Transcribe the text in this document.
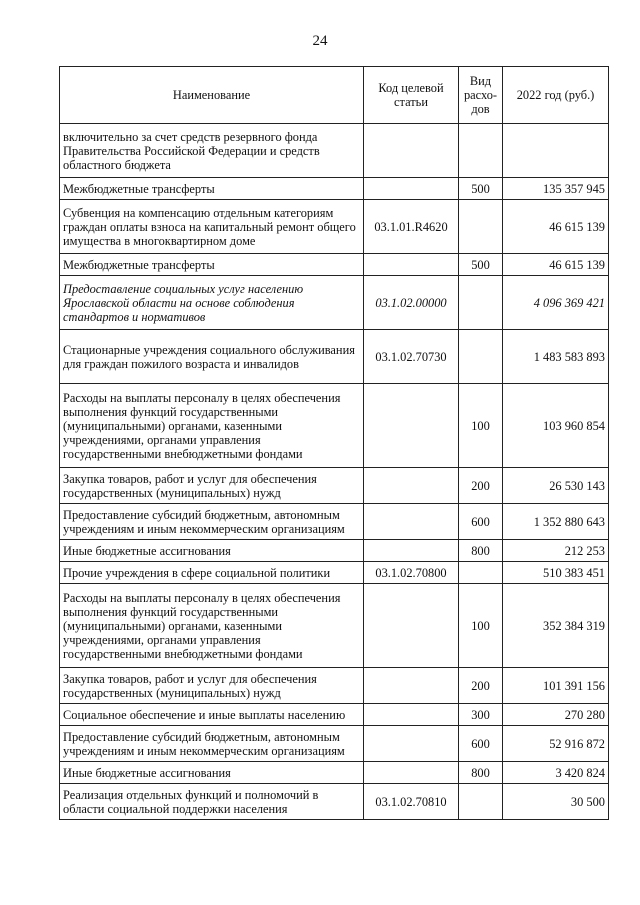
24
Наименование	Код целевой статьи	Вид расхо-дов	2022 год (руб.)
включительно за счет средств резервного фонда Правительства Российской Федерации и средств областного бюджета			
Межбюджетные трансферты		500	135 357 945
Субвенция на компенсацию отдельным категориям граждан оплаты взноса на капитальный ремонт общего имущества в многоквартирном доме	03.1.01.R4620		46 615 139
Межбюджетные трансферты		500	46 615 139
Предоставление социальных услуг населению Ярославской области на основе соблюдения стандартов и нормативов	03.1.02.00000		4 096 369 421
Стационарные учреждения социального обслуживания для граждан пожилого возраста и инвалидов	03.1.02.70730		1 483 583 893
Расходы на выплаты персоналу в целях обеспечения выполнения функций государственными (муниципальными) органами, казенными учреждениями, органами управления государственными внебюджетными фондами		100	103 960 854
Закупка товаров, работ и услуг для обеспечения государственных (муниципальных) нужд		200	26 530 143
Предоставление субсидий бюджетным, автономным учреждениям и иным некоммерческим организациям		600	1 352 880 643
Иные бюджетные ассигнования		800	212 253
Прочие учреждения в сфере социальной политики	03.1.02.70800		510 383 451
Расходы на выплаты персоналу в целях обеспечения выполнения функций государственными (муниципальными) органами, казенными учреждениями, органами управления государственными внебюджетными фондами		100	352 384 319
Закупка товаров, работ и услуг для обеспечения государственных (муниципальных) нужд		200	101 391 156
Социальное обеспечение и иные выплаты населению		300	270 280
Предоставление субсидий бюджетным, автономным учреждениям и иным некоммерческим организациям		600	52 916 872
Иные бюджетные ассигнования		800	3 420 824
Реализация отдельных функций и полномочий в области социальной поддержки населения	03.1.02.70810		30 500
